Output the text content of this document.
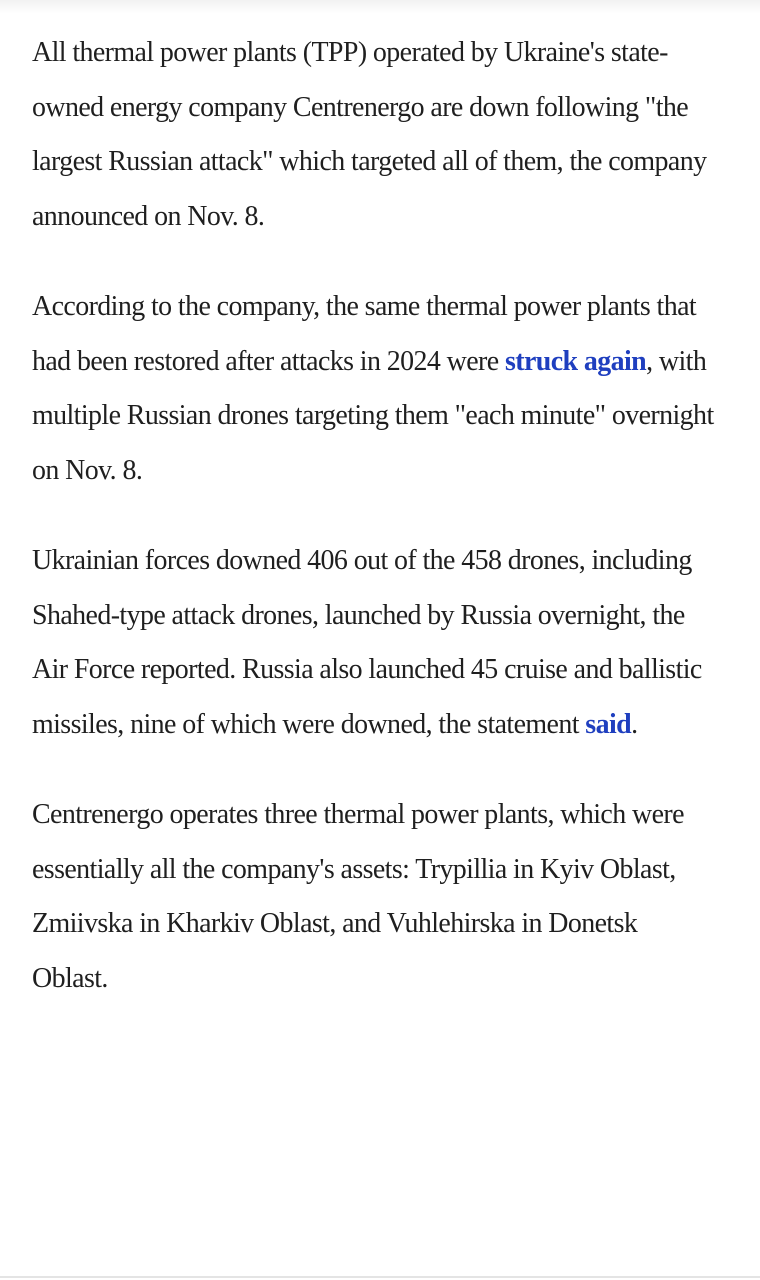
All thermal power plants (TPP) operated by Ukraine's state-owned energy company Centrenergo are down following "the largest Russian attack" which targeted all of them, the company announced on Nov. 8.

According to the company, the same thermal power plants that had been restored after attacks in 2024 were struck again, with multiple Russian drones targeting them "each minute" overnight on Nov. 8.

Ukrainian forces downed 406 out of the 458 drones, including Shahed-type attack drones, launched by Russia overnight, the Air Force reported. Russia also launched 45 cruise and ballistic missiles, nine of which were downed, the statement said.

Centrenergo operates three thermal power plants, which were essentially all the company's assets: Trypillia in Kyiv Oblast, Zmiivska in Kharkiv Oblast, and Vuhlehirska in Donetsk Oblast.
